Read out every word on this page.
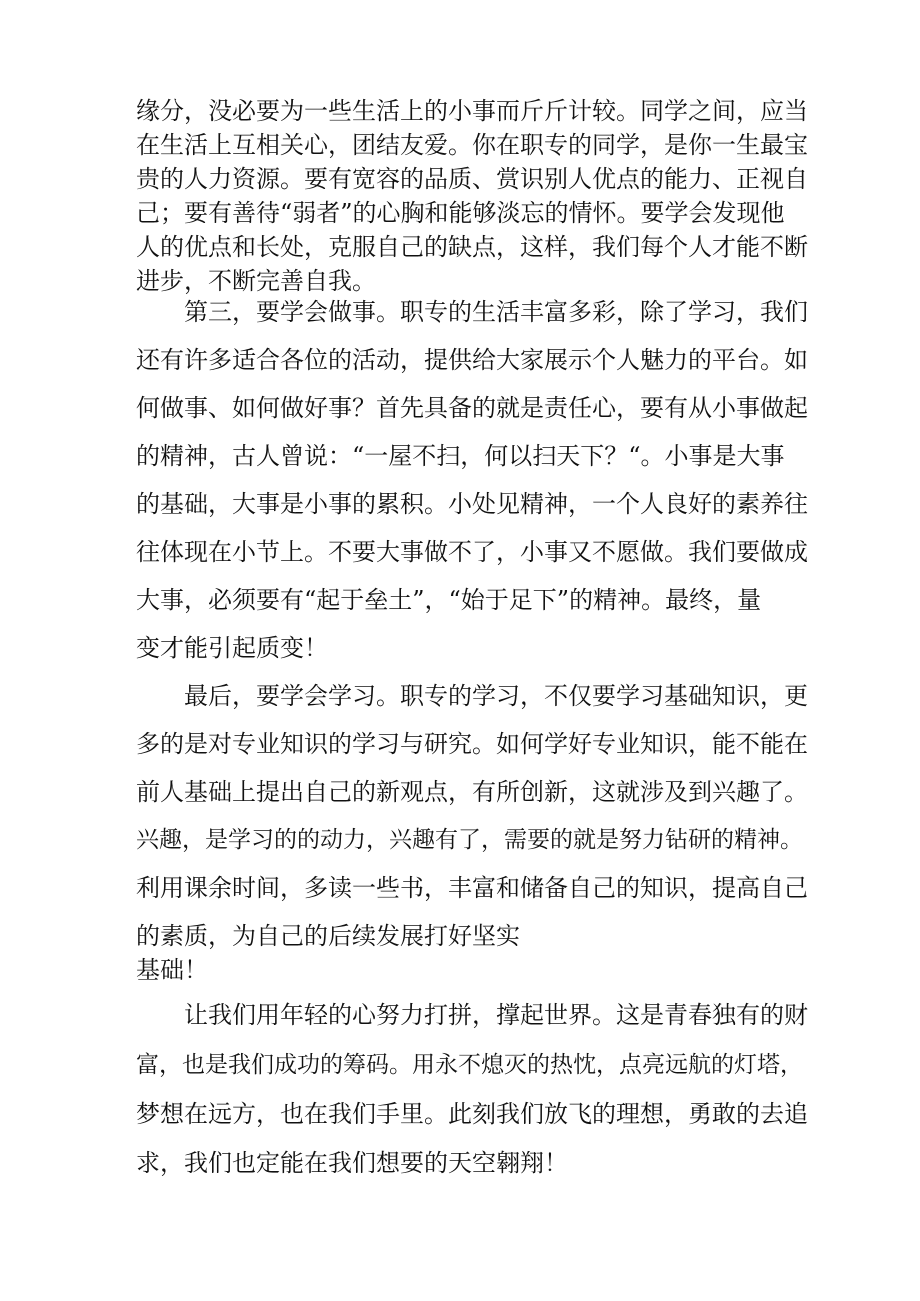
缘分，没必要为一些生活上的小事而斤斤计较。同学之间，应当
在生活上互相关心，团结友爱。你在职专的同学，是你一生最宝
贵的人力资源。要有宽容的品质、赏识别人优点的能力、正视自
己；要有善待“弱者”的心胸和能够淡忘的情怀。要学会发现他
人的优点和长处，克服自己的缺点，这样，我们每个人才能不断
进步，不断完善自我。
第三，要学会做事。职专的生活丰富多彩，除了学习，我们
还有许多适合各位的活动，提供给大家展示个人魅力的平台。如
何做事、如何做好事？首先具备的就是责任心，要有从小事做起
的精神，古人曾说：“一屋不扫，何以扫天下？“。小事是大事
的基础，大事是小事的累积。小处见精神，一个人良好的素养往
往体现在小节上。不要大事做不了，小事又不愿做。我们要做成
大事，必须要有“起于垒土”，“始于足下”的精神。最终，量
变才能引起质变！
最后，要学会学习。职专的学习，不仅要学习基础知识，更
多的是对专业知识的学习与研究。如何学好专业知识，能不能在
前人基础上提出自己的新观点，有所创新，这就涉及到兴趣了。
兴趣，是学习的的动力，兴趣有了，需要的就是努力钻研的精神。
利用课余时间，多读一些书，丰富和储备自己的知识，提高自己
的素质，为自己的后续发展打好坚实
基础！
让我们用年轻的心努力打拼，撑起世界。这是青春独有的财
富，也是我们成功的筹码。用永不熄灭的热忱，点亮远航的灯塔，
梦想在远方，也在我们手里。此刻我们放飞的理想，勇敢的去追
求，我们也定能在我们想要的天空翱翔！
